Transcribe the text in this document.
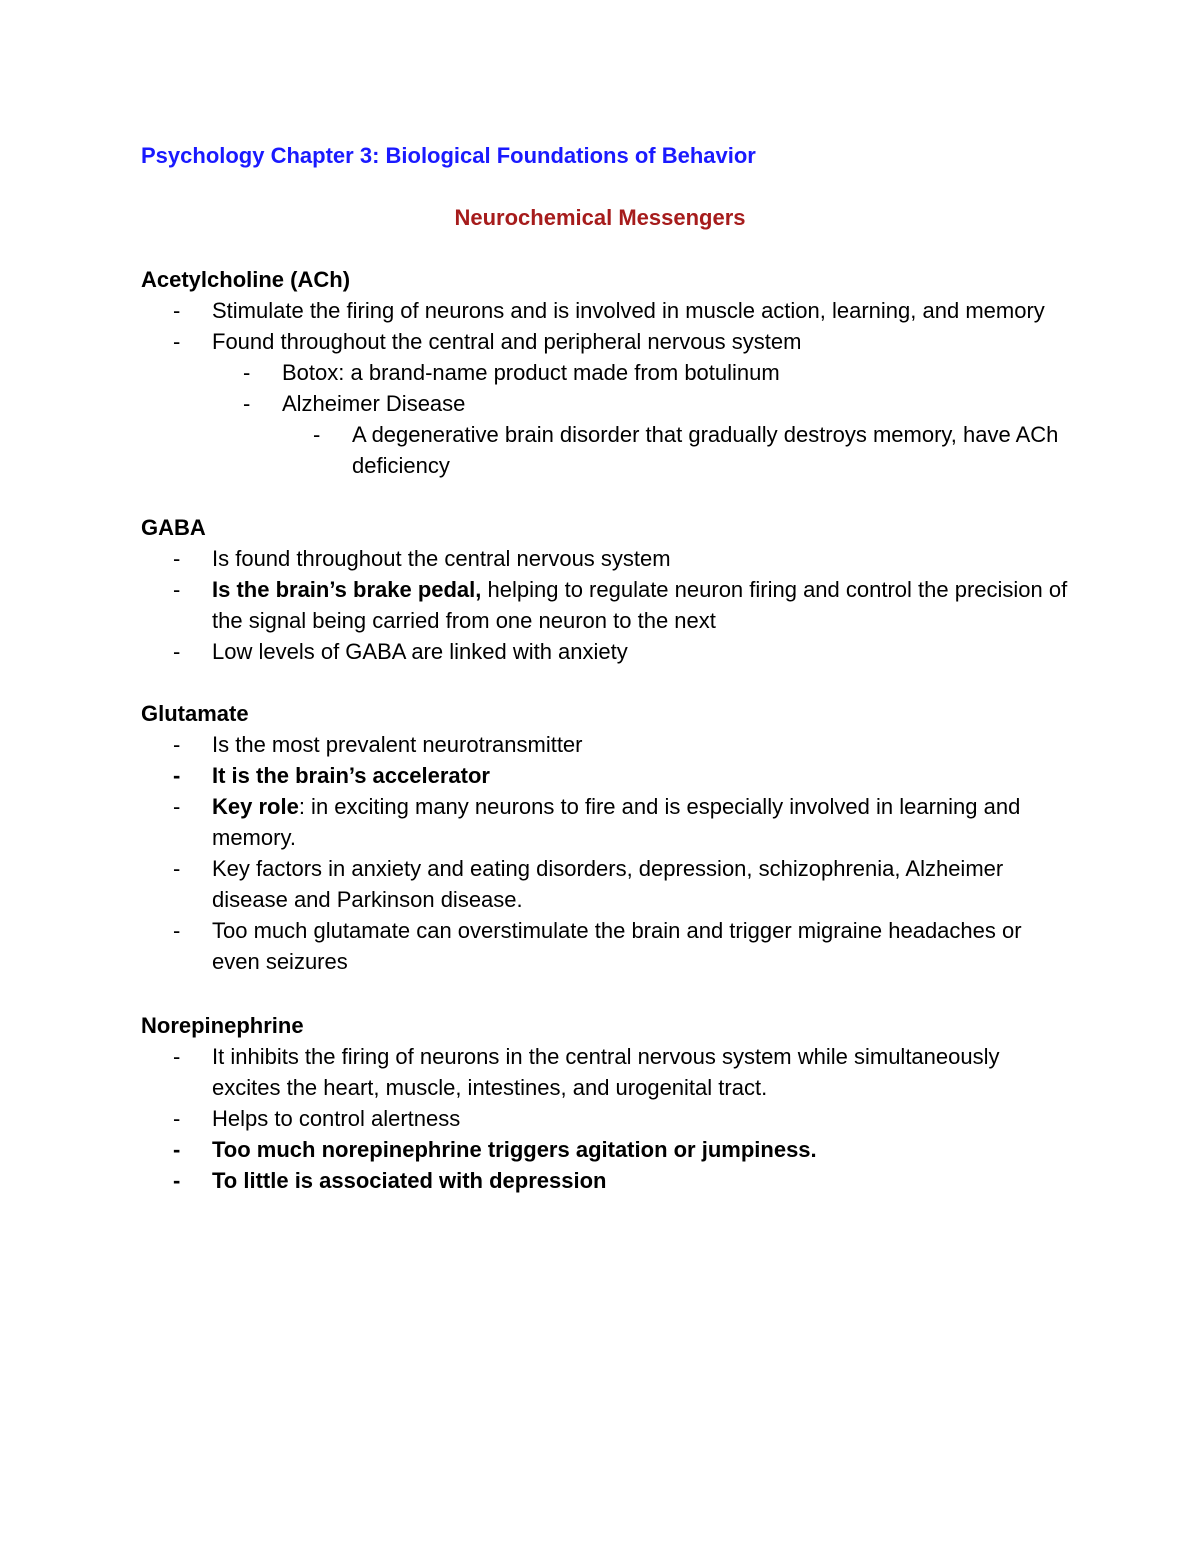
Psychology Chapter 3: Biological Foundations of Behavior
Neurochemical Messengers
Acetylcholine (ACh)
-	Stimulate the firing of neurons and is involved in muscle action, learning, and memory
-	Found throughout the central and peripheral nervous system
-	Botox: a brand-name product made from botulinum
-	Alzheimer Disease
-	A degenerative brain disorder that gradually destroys memory, have ACh deficiency
GABA
-	Is found throughout the central nervous system
-	Is the brain’s brake pedal, helping to regulate neuron firing and control the precision of the signal being carried from one neuron to the next
-	Low levels of GABA are linked with anxiety
Glutamate
-	Is the most prevalent neurotransmitter
-	It is the brain’s accelerator
-	Key role: in exciting many neurons to fire and is especially involved in learning and memory.
-	Key factors in anxiety and eating disorders, depression, schizophrenia, Alzheimer disease and Parkinson disease.
-	Too much glutamate can overstimulate the brain and trigger migraine headaches or even seizures
Norepinephrine
-	It inhibits the firing of neurons in the central nervous system while simultaneously excites the heart, muscle, intestines, and urogenital tract.
-	Helps to control alertness
-	Too much norepinephrine triggers agitation or jumpiness.
-	To little is associated with depression
